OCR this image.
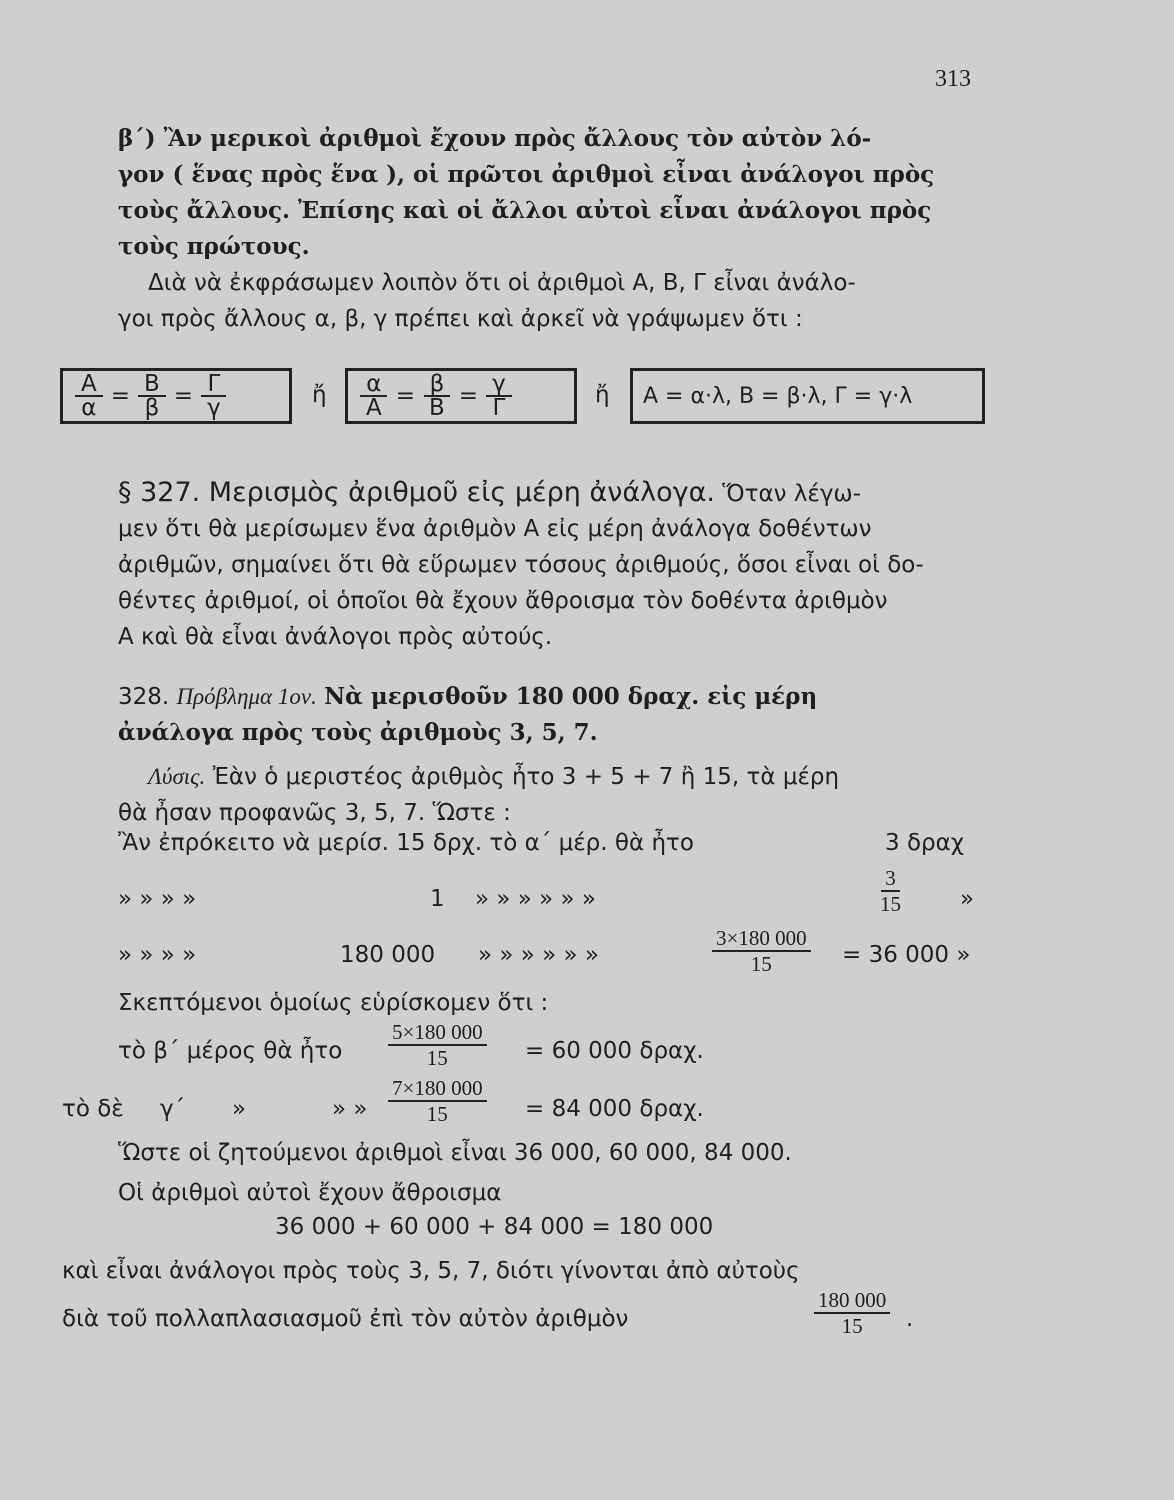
313
β΄) Ἂν μερικοὶ ἀριθμοὶ ἔχουν πρὸς ἄλλους τὸν αὐτὸν λό-
γον ( ἕνας πρὸς ἕνα ), οἱ πρῶτοι ἀριθμοὶ εἶναι ἀνάλογοι πρὸς
τοὺς ἄλλους. Ἐπίσης καὶ οἱ ἄλλοι αὐτοὶ εἶναι ἀνάλογοι πρὸς
τοὺς πρώτους.
Διὰ νὰ ἐκφράσωμεν λοιπὸν ὅτι οἱ ἀριθμοὶ Α, Β, Γ εἶναι ἀνάλο-
γοι πρὸς ἄλλους α, β, γ πρέπει καὶ ἀρκεῖ νὰ γράψωμεν ὅτι :
$\frac{A}{\alpha} = \frac{B}{\beta} = \frac{\Gamma}{\gamma}$	ἤ $\frac{\alpha}{A} = \frac{\beta}{B} = \frac{\gamma}{\Gamma}$	ἤ	Α = α·λ, Β = β·λ, Γ = γ·λ
§ 327. Μερισμὸς ἀριθμοῦ εἰς μέρη ἀνάλογα. Ὅταν λέγω-
μεν ὅτι θὰ μερίσωμεν ἕνα ἀριθμὸν Α εἰς μέρη ἀνάλογα δοθέντων
ἀριθμῶν, σημαίνει ὅτι θὰ εὕρωμεν τόσους ἀριθμούς, ὅσοι εἶναι οἱ δο-
θέντες ἀριθμοί, οἱ ὁποῖοι θὰ ἔχουν ἄθροισμα τὸν δοθέντα ἀριθμὸν
Α καὶ θὰ εἶναι ἀνάλογοι πρὸς αὐτούς.
328. Πρόβλημα 1ον. Νὰ μερισθοῦν 180 000 δραχ. εἰς μέρη
ἀνάλογα πρὸς τοὺς ἀριθμοὺς 3, 5, 7.
Λύσις. Ἐὰν ὁ μεριστέος ἀριθμὸς ἦτο 3 + 5 + 7 ἢ 15, τὰ μέρη
θὰ ἦσαν προφανῶς 3, 5, 7. Ὥστε :
Ἂν ἐπρόκειτο νὰ μερίσ. 15 δρχ. τὸ α΄ μέρ. θὰ ἦτο	3 δραχ
» » » »	1 » » » » » »	$\frac{3}{15}$	»
» » » »	180 000 » » » » » »	$\frac{3\times 180 000}{15} = 36$ 000 »
Σκεπτόμενοι ὁμοίως εὑρίσκομεν ὅτι :
τὸ β΄ μέρος θὰ ἦτο $\frac{5\times 180 000}{15} = 60$ 000 δραχ.
τὸ δὲ γ΄ »	» » $\frac{7\times 180 000}{15} = 84$ 000 δραχ.
Ὥστε οἱ ζητούμενοι ἀριθμοὶ εἶναι 36 000, 60 000, 84 000.
Οἱ ἀριθμοὶ αὐτοὶ ἔχουν ἄθροισμα
36 000 + 60 000 + 84 000 = 180 000
καὶ εἶναι ἀνάλογοι πρὸς τοὺς 3, 5, 7, διότι γίνονται ἀπὸ αὐτοὺς
διὰ τοῦ πολλαπλασιασμοῦ ἐπὶ τὸν αὐτὸν ἀριθμὸν	$\frac{180 000}{15}$ .
